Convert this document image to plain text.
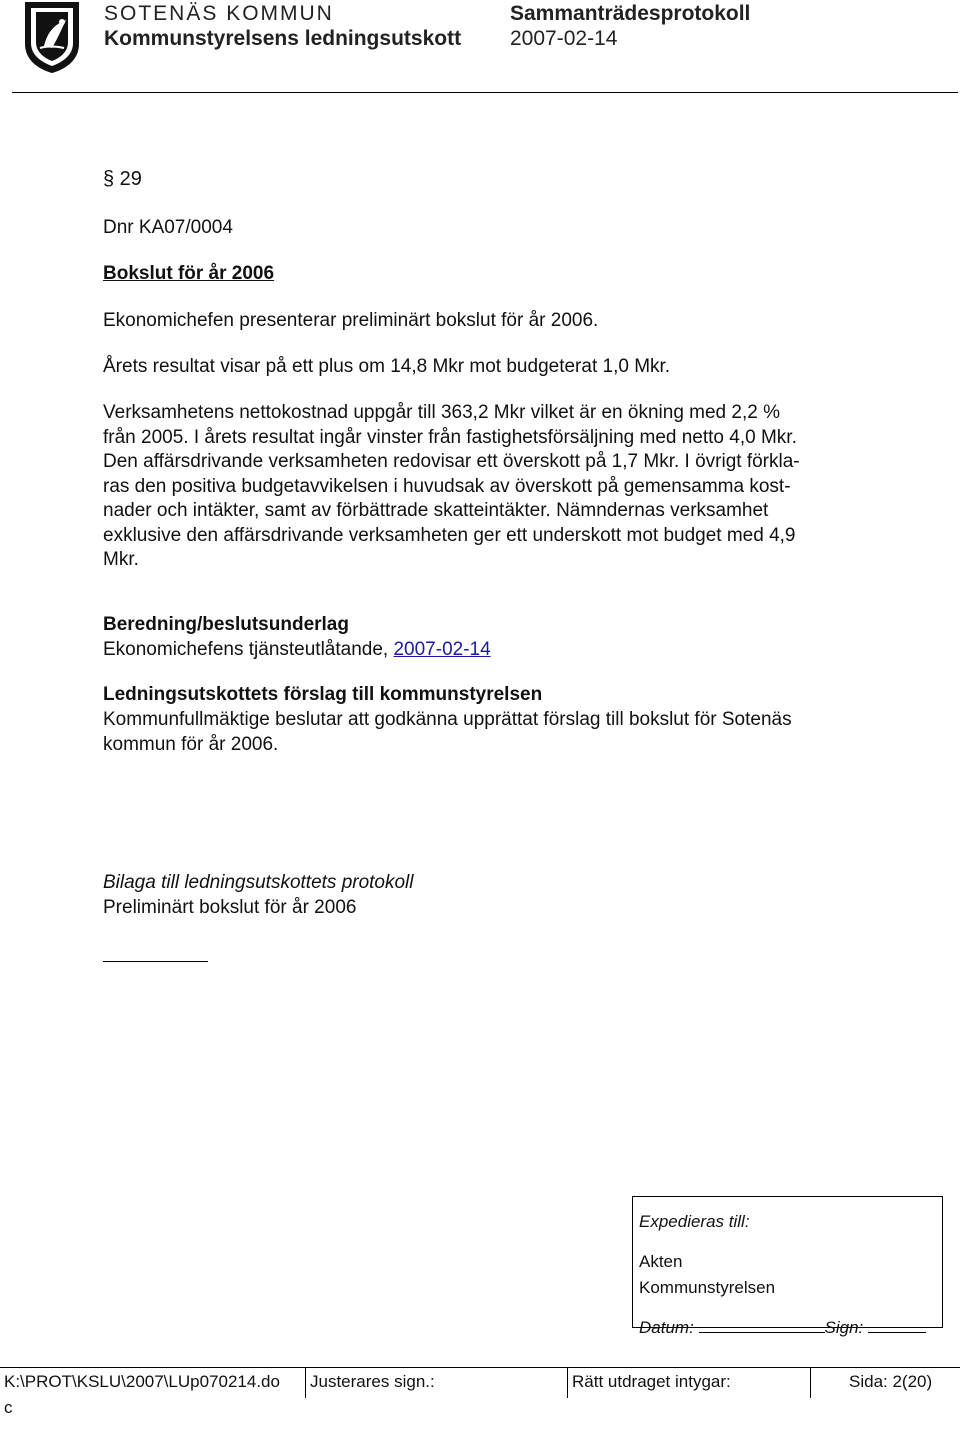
SOTENÄS KOMMUN	Sammanträdesprotokoll
Kommunstyrelsens ledningsutskott 2007-02-14
§ 29
Dnr KA07/0004
Bokslut för år 2006
Ekonomichefen presenterar preliminärt bokslut för år 2006.
Årets resultat visar på ett plus om 14,8 Mkr mot budgeterat 1,0 Mkr.
Verksamhetens nettokostnad uppgår till 363,2 Mkr vilket är en ökning med 2,2 %
från 2005. I årets resultat ingår vinster från fastighetsförsäljning med netto 4,0 Mkr.
Den affärsdrivande verksamheten redovisar ett överskott på 1,7 Mkr. I övrigt förkla-
ras den positiva budgetavvikelsen i huvudsak av överskott på gemensamma kost-
nader och intäkter, samt av förbättrade skatteintäkter. Nämndernas verksamhet
exklusive den affärsdrivande verksamheten ger ett underskott mot budget med 4,9
Mkr.
Beredning/beslutsunderlag
Ekonomichefens tjänsteutlåtande, 2007-02-14
Ledningsutskottets förslag till kommunstyrelsen
Kommunfullmäktige beslutar att godkänna upprättat förslag till bokslut för Sotenäs
kommun för år 2006.
Bilaga till ledningsutskottets protokoll
Preliminärt bokslut för år 2006
Expedieras till:
Akten
Kommunstyrelsen
Datum:	Sign:
K:\PROT\KSLU\2007\LUp070214.do
c
Justerares sign.:	Rätt utdraget intygar:	Sida: 2(20)
